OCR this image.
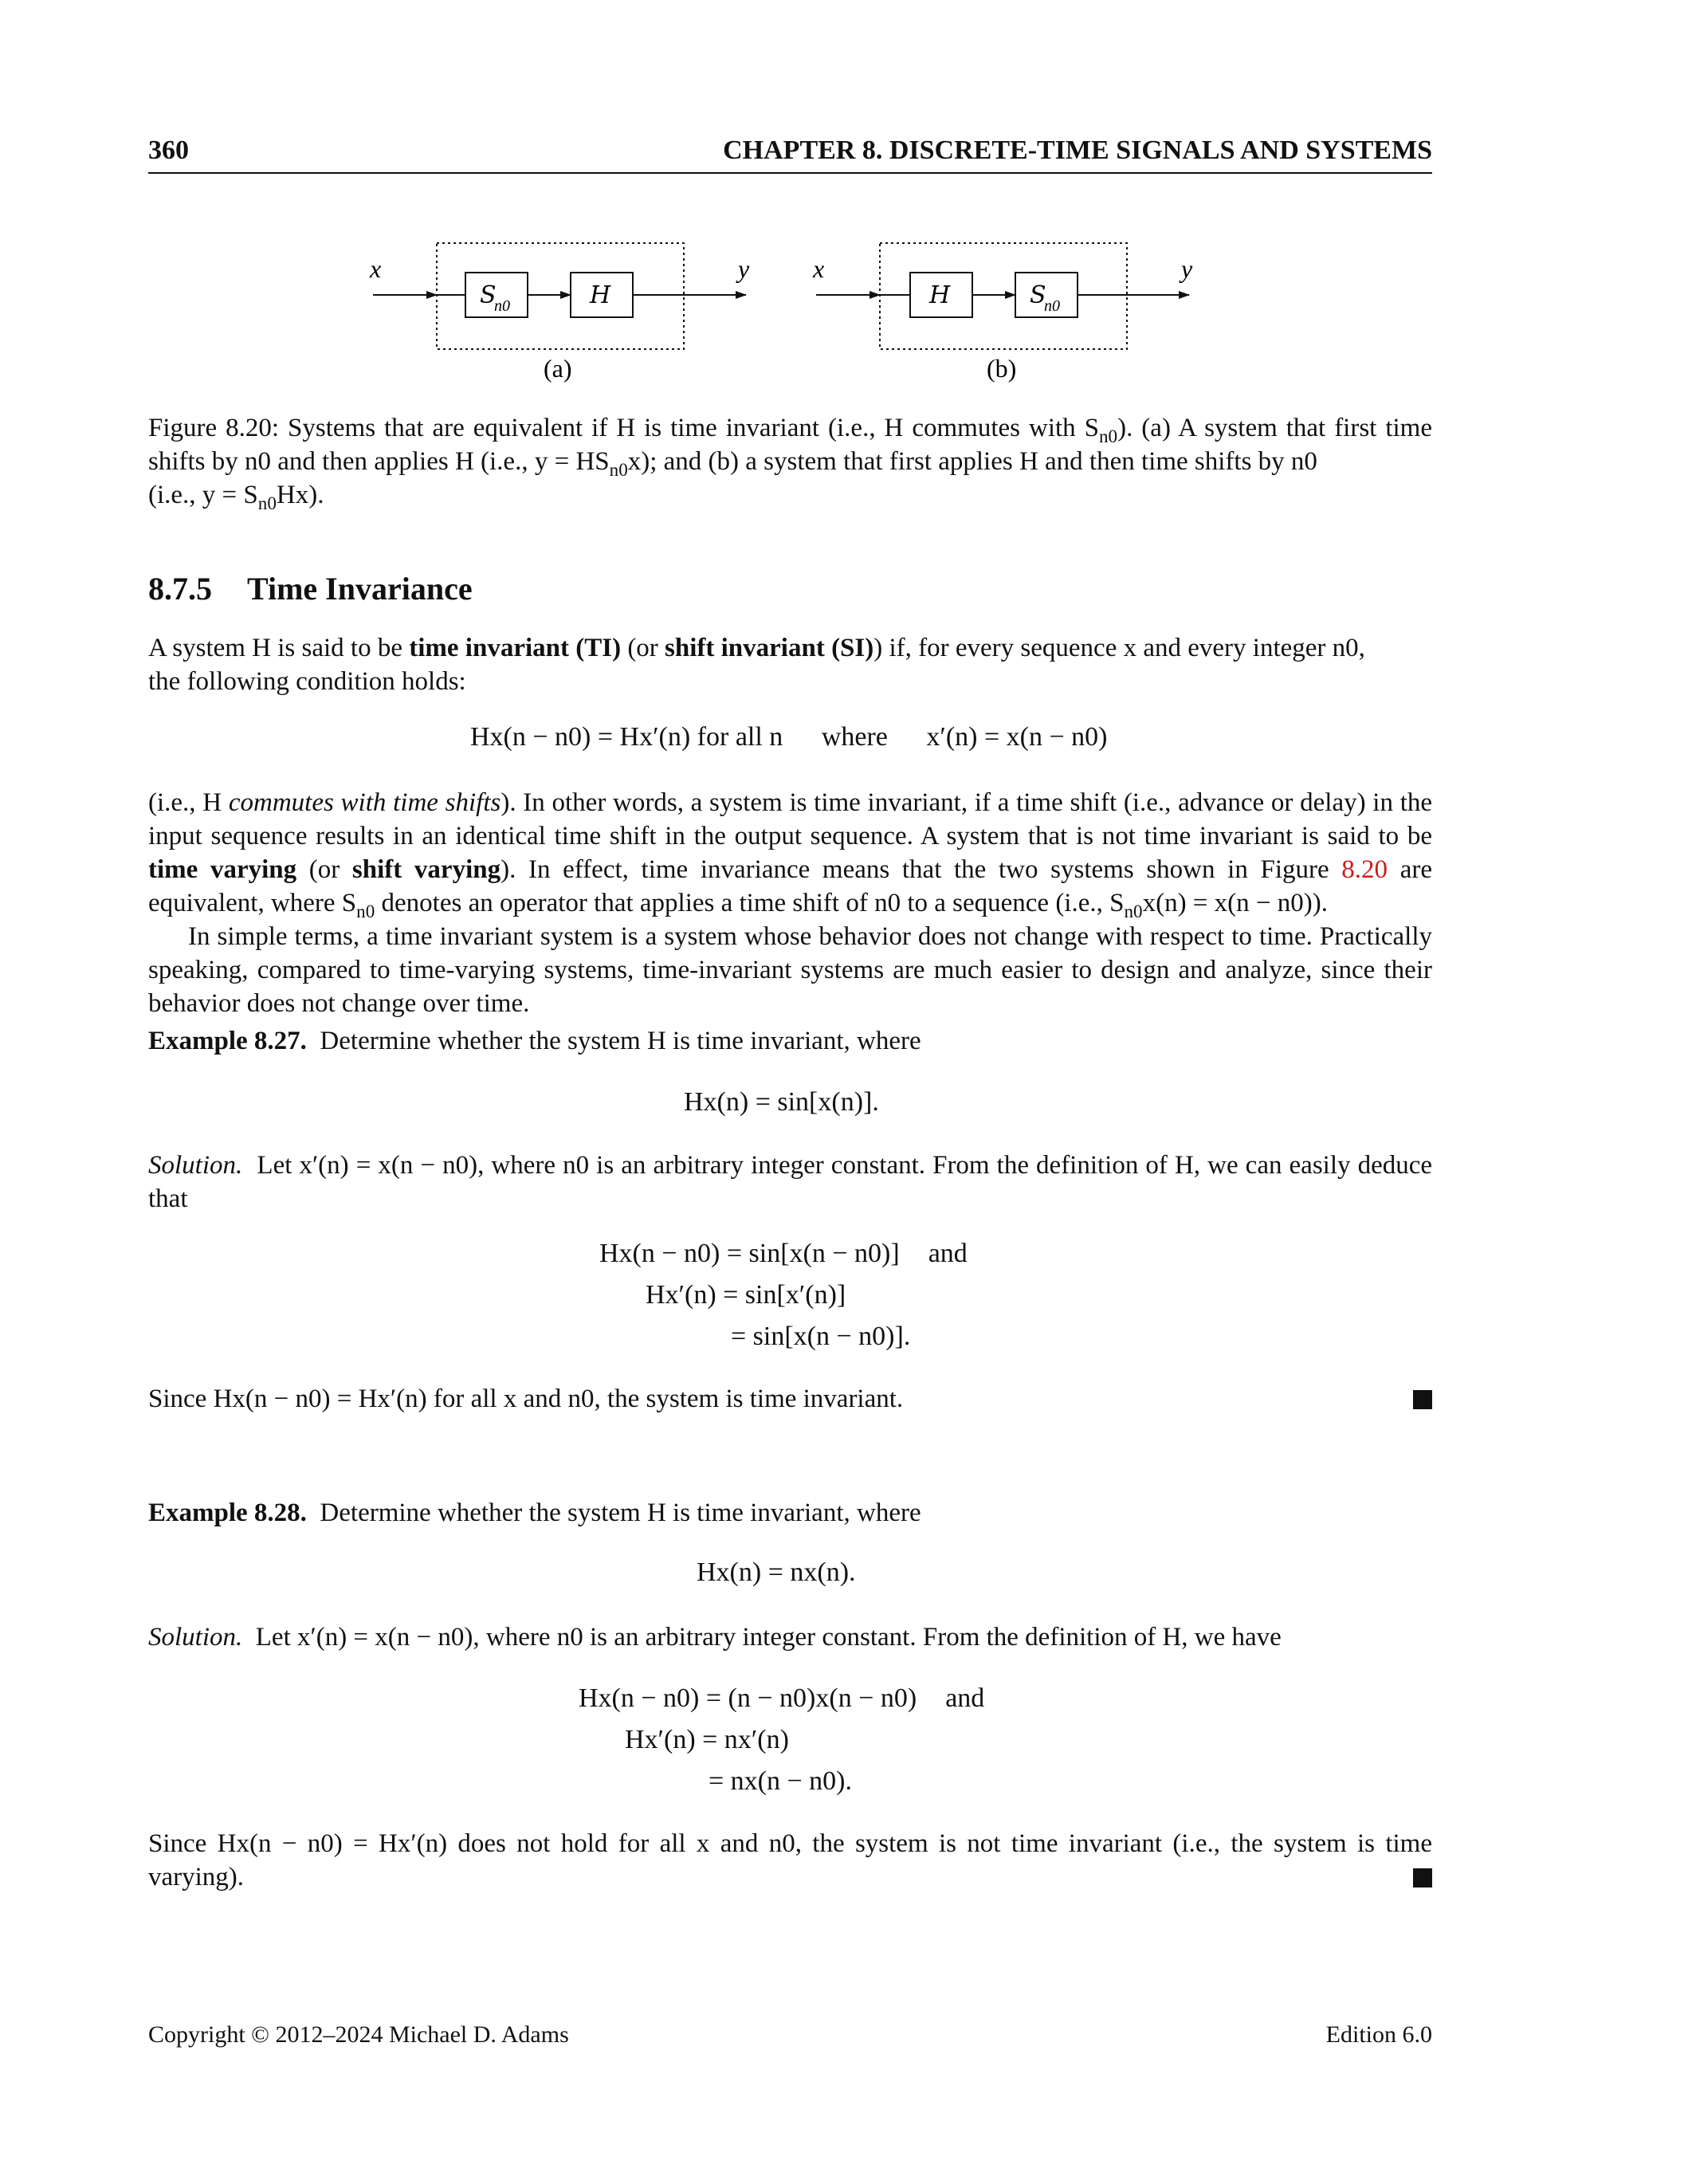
360	CHAPTER 8. DISCRETE-TIME SIGNALS AND SYSTEMS
x	y
S
n0	H
(a)
x	y
H	S
n0
(b)

Figure 8.20: Systems that are equivalent if H is time invariant (i.e., H commutes with $S_{n0}$). (a) A system that first time shifts by n0 and then applies H (i.e., $y = HS_{n0}x$); and (b) a system that first applies H and then time shifts by n0
(i.e., $y = S_{n0}Hx$).

8.7.5 Time Invariance

A system H is said to be time invariant (TI) (or shift invariant (SI)) if, for every sequence x and every integer n0,
the following condition holds:

Hx(n − n0) = Hx′(n) for all n where x′(n) = x(n − n0)

(i.e., H commutes with time shifts). In other words, a system is time invariant, if a time shift (i.e., advance or delay) in the input sequence results in an identical time shift in the output sequence. A system that is not time invariant is said to be time varying (or shift varying). In effect, time invariance means that the two systems shown in Figure 8.20 are equivalent, where $S_{n0}$ denotes an operator that applies a time shift of n0 to a sequence (i.e., $S_{n0}x(n) = x(n - n0)$).

In simple terms, a time invariant system is a system whose behavior does not change with respect to time. Practically speaking, compared to time-varying systems, time-invariant systems are much easier to design and analyze, since their behavior does not change over time.

Example 8.27. Determine whether the system H is time invariant, where

Hx(n) = sin[x(n)].

Solution. Let x′(n) = x(n − n0), where n0 is an arbitrary integer constant. From the definition of H, we can easily deduce that

Hx(n − n0) = sin[x(n − n0)] and
Hx′(n) = sin[x′(n)]
= sin[x(n − n0)].
Since Hx(n − n0) = Hx′(n) for all x and n0, the system is time invariant.

Example 8.28. Determine whether the system H is time invariant, where

Hx(n) = nx(n).

Solution. Let x′(n) = x(n − n0), where n0 is an arbitrary integer constant. From the definition of H, we have

Hx(n − n0) = (n − n0)x(n − n0) and
Hx′(n) = nx′(n)
= nx(n − n0).
Since Hx(n − n0) = Hx′(n) does not hold for all x and n0, the system is not time invariant (i.e., the system is time varying).
Copyright © 2012–2024 Michael D. Adams	Edition 6.0
